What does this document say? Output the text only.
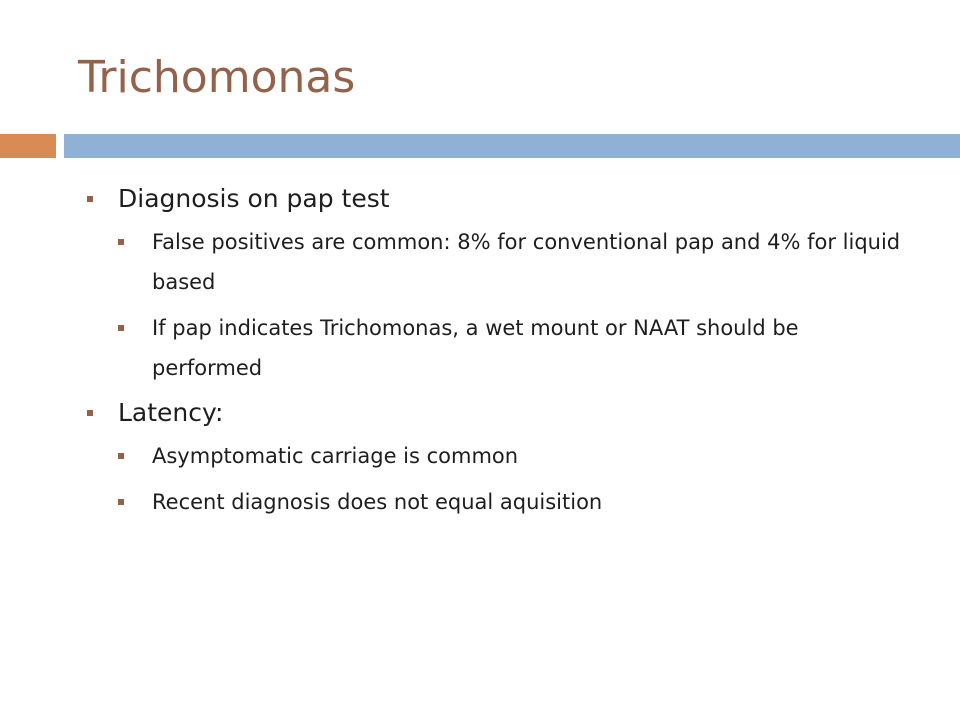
Trichomonas
Diagnosis on pap test
False positives are common: 8% for conventional pap and 4% for liquid based
If pap indicates Trichomonas, a wet mount or NAAT should be performed
Latency:
Asymptomatic carriage is common
Recent diagnosis does not equal aquisition
